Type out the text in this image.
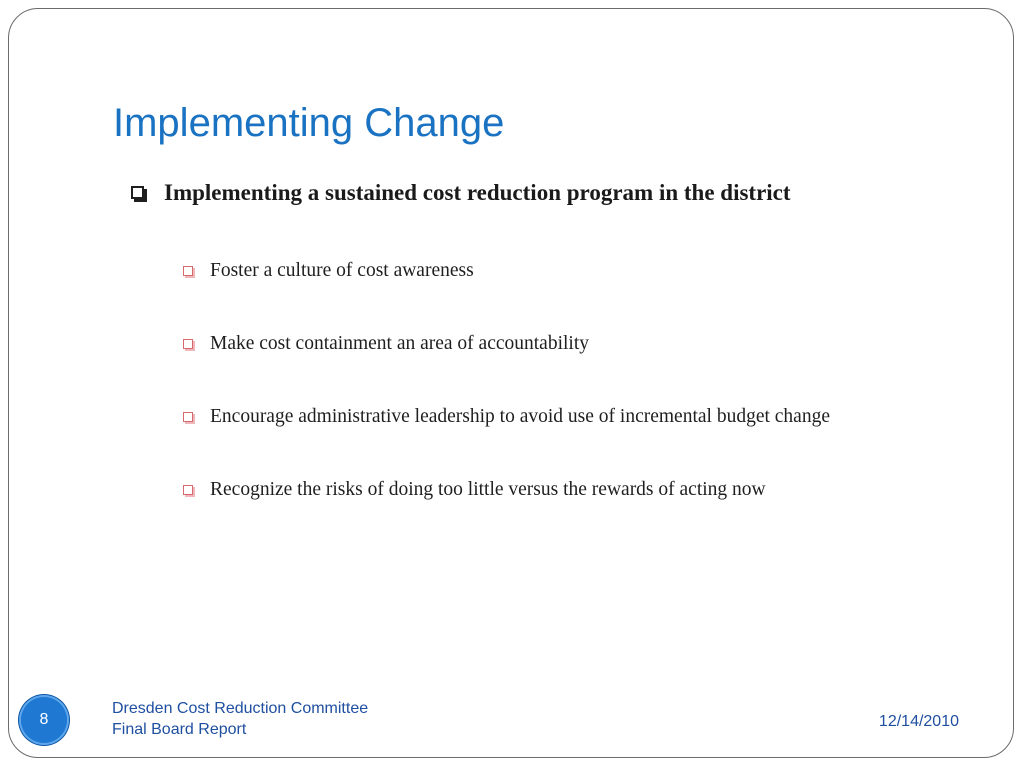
Implementing Change
Implementing a sustained cost reduction program in the district
Foster a culture of cost awareness
Make cost containment an area of accountability
Encourage administrative leadership to avoid use of incremental budget change
Recognize the risks of doing too little versus the rewards of acting now
8
Dresden Cost Reduction Committee
Final Board Report	12/14/2010
